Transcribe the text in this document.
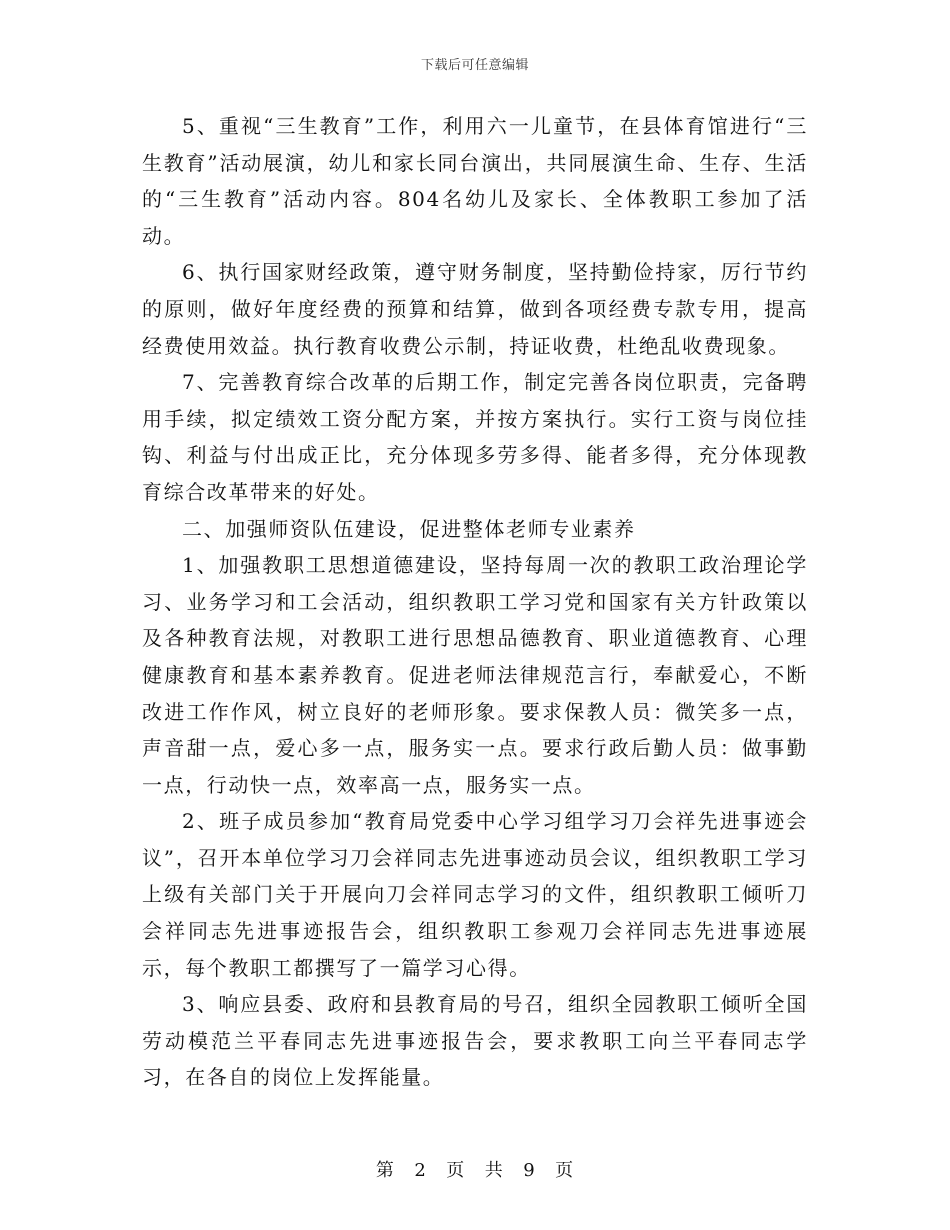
下载后可任意编辑

5、重视“三生教育”工作，利用六一儿童节，在县体育馆进行“三生教育”活动展演，幼儿和家长同台演出，共同展演生命、生存、生活的“三生教育”活动内容。804名幼儿及家长、全体教职工参加了活动。

6、执行国家财经政策，遵守财务制度，坚持勤俭持家，厉行节约的原则，做好年度经费的预算和结算，做到各项经费专款专用，提高经费使用效益。执行教育收费公示制，持证收费，杜绝乱收费现象。

7、完善教育综合改革的后期工作，制定完善各岗位职责，完备聘用手续，拟定绩效工资分配方案，并按方案执行。实行工资与岗位挂钩、利益与付出成正比，充分体现多劳多得、能者多得，充分体现教育综合改革带来的好处。

二、加强师资队伍建设，促进整体老师专业素养

1、加强教职工思想道德建设，坚持每周一次的教职工政治理论学习、业务学习和工会活动，组织教职工学习党和国家有关方针政策以及各种教育法规，对教职工进行思想品德教育、职业道德教育、心理健康教育和基本素养教育。促进老师法律规范言行，奉献爱心，不断改进工作作风，树立良好的老师形象。要求保教人员：微笑多一点，声音甜一点，爱心多一点，服务实一点。要求行政后勤人员：做事勤一点，行动快一点，效率高一点，服务实一点。

2、班子成员参加“教育局党委中心学习组学习刀会祥先进事迹会议”，召开本单位学习刀会祥同志先进事迹动员会议，组织教职工学习上级有关部门关于开展向刀会祥同志学习的文件，组织教职工倾听刀会祥同志先进事迹报告会，组织教职工参观刀会祥同志先进事迹展示，每个教职工都撰写了一篇学习心得。

3、响应县委、政府和县教育局的号召，组织全园教职工倾听全国劳动模范兰平春同志先进事迹报告会，要求教职工向兰平春同志学习，在各自的岗位上发挥能量。

第 2 页 共 9 页
